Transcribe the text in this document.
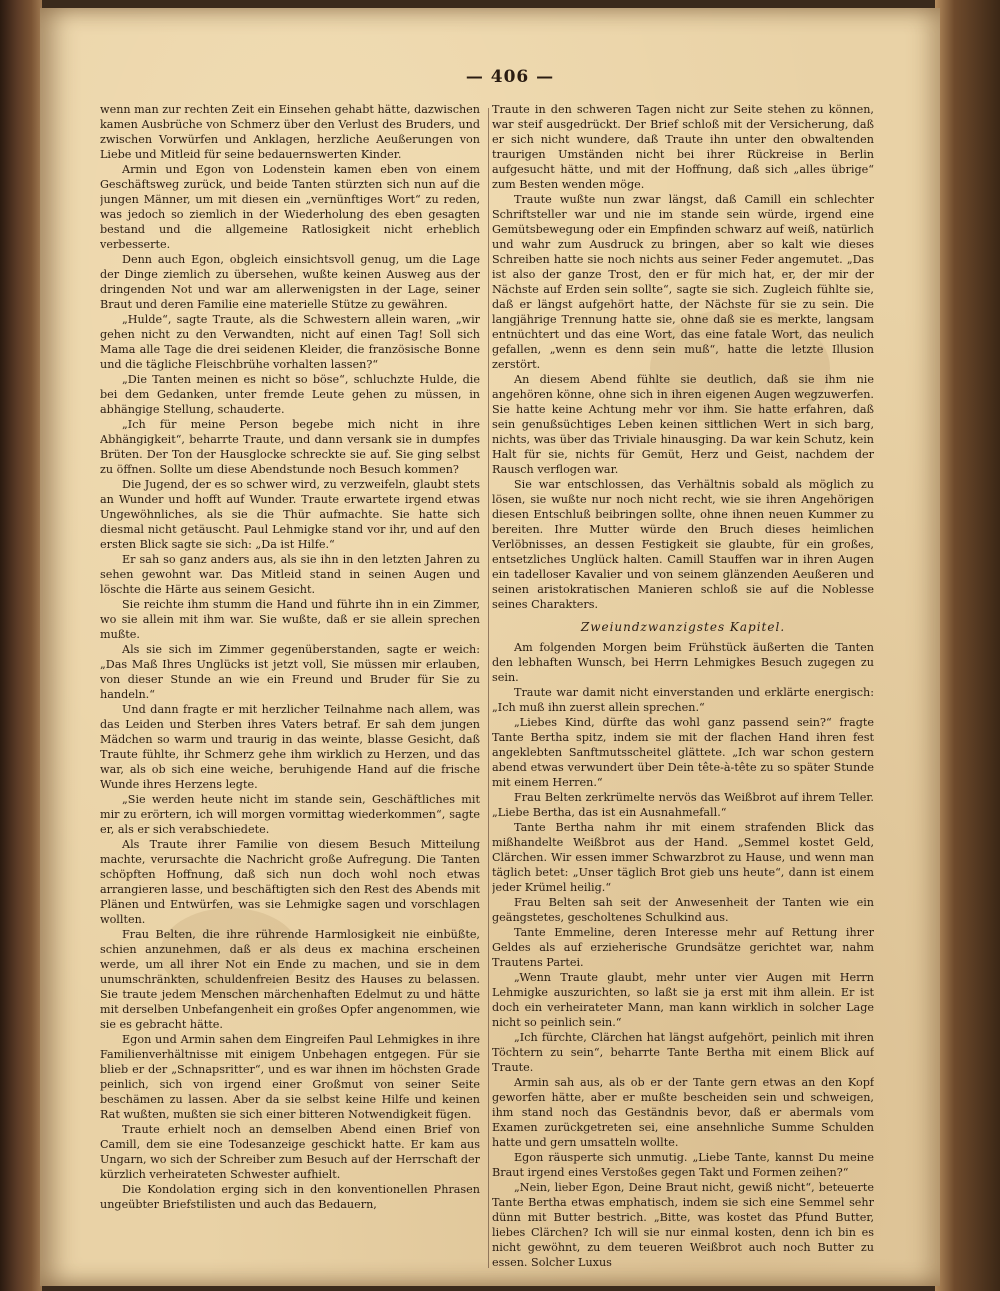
— 406 —

wenn man zur rechten Zeit ein Einsehen gehabt hätte, dazwischen kamen Ausbrüche von Schmerz über den Verlust des Bruders, und zwischen Vorwürfen und Anklagen, herzliche Aeußerungen von Liebe und Mitleid für seine bedauernswerten Kinder.

Armin und Egon von Lodenstein kamen eben von einem Geschäftsweg zurück, und beide Tanten stürzten sich nun auf die jungen Männer, um mit diesen ein „vernünftiges Wort“ zu reden, was jedoch so ziemlich in der Wiederholung des eben gesagten bestand und die allgemeine Ratlosigkeit nicht erheblich verbesserte.

Denn auch Egon, obgleich einsichtsvoll genug, um die Lage der Dinge ziemlich zu übersehen, wußte keinen Ausweg aus der dringenden Not und war am allerwenigsten in der Lage, seiner Braut und deren Familie eine materielle Stütze zu gewähren.

„Hulde“, sagte Traute, als die Schwestern allein waren, „wir gehen nicht zu den Verwandten, nicht auf einen Tag! Soll sich Mama alle Tage die drei seidenen Kleider, die französische Bonne und die tägliche Fleischbrühe vorhalten lassen?“

„Die Tanten meinen es nicht so böse“, schluchzte Hulde, die bei dem Gedanken, unter fremde Leute gehen zu müssen, in abhängige Stellung, schauderte.

„Ich für meine Person begebe mich nicht in ihre Abhängigkeit“, beharrte Traute, und dann versank sie in dumpfes Brüten. Der Ton der Hausglocke schreckte sie auf. Sie ging selbst zu öffnen. Sollte um diese Abendstunde noch Besuch kommen?

Die Jugend, der es so schwer wird, zu verzweifeln, glaubt stets an Wunder und hofft auf Wunder. Traute erwartete irgend etwas Ungewöhnliches, als sie die Thür aufmachte. Sie hatte sich diesmal nicht getäuscht. Paul Lehmigke stand vor ihr, und auf den ersten Blick sagte sie sich: „Da ist Hilfe.“

Er sah so ganz anders aus, als sie ihn in den letzten Jahren zu sehen gewohnt war. Das Mitleid stand in seinen Augen und löschte die Härte aus seinem Gesicht.

Sie reichte ihm stumm die Hand und führte ihn in ein Zimmer, wo sie allein mit ihm war. Sie wußte, daß er sie allein sprechen mußte.

Als sie sich im Zimmer gegenüberstanden, sagte er weich: „Das Maß Ihres Unglücks ist jetzt voll, Sie müssen mir erlauben, von dieser Stunde an wie ein Freund und Bruder für Sie zu handeln.“

Und dann fragte er mit herzlicher Teilnahme nach allem, was das Leiden und Sterben ihres Vaters betraf. Er sah dem jungen Mädchen so warm und traurig in das weinte, blasse Gesicht, daß Traute fühlte, ihr Schmerz gehe ihm wirklich zu Herzen, und das war, als ob sich eine weiche, beruhigende Hand auf die frische Wunde ihres Herzens legte.

„Sie werden heute nicht im stande sein, Geschäftliches mit mir zu erörtern, ich will morgen vormittag wiederkommen“, sagte er, als er sich verabschiedete.

Als Traute ihrer Familie von diesem Besuch Mitteilung machte, verursachte die Nachricht große Aufregung. Die Tanten schöpften Hoffnung, daß sich nun doch wohl noch etwas arrangieren lasse, und beschäftigten sich den Rest des Abends mit Plänen und Entwürfen, was sie Lehmigke sagen und vorschlagen wollten.

Frau Belten, die ihre rührende Harmlosigkeit nie einbüßte, schien anzunehmen, daß er als deus ex machina erscheinen werde, um all ihrer Not ein Ende zu machen, und sie in dem unumschränkten, schuldenfreien Besitz des Hauses zu belassen. Sie traute jedem Menschen märchenhaften Edelmut zu und hätte mit derselben Unbefangenheit ein großes Opfer angenommen, wie sie es gebracht hätte.

Egon und Armin sahen dem Eingreifen Paul Lehmigkes in ihre Familienverhältnisse mit einigem Unbehagen entgegen. Für sie blieb er der „Schnapsritter“, und es war ihnen im höchsten Grade peinlich, sich von irgend einer Großmut von seiner Seite beschämen zu lassen. Aber da sie selbst keine Hilfe und keinen Rat wußten, mußten sie sich einer bitteren Notwendigkeit fügen.

Traute erhielt noch an demselben Abend einen Brief von Camill, dem sie eine Todesanzeige geschickt hatte. Er kam aus Ungarn, wo sich der Schreiber zum Besuch auf der Herrschaft der kürzlich verheirateten Schwester aufhielt.

Die Kondolation erging sich in den konventionellen Phrasen ungeübter Briefstilisten und auch das Bedauern,

Traute in den schweren Tagen nicht zur Seite stehen zu können, war steif ausgedrückt. Der Brief schloß mit der Versicherung, daß er sich nicht wundere, daß Traute ihn unter den obwaltenden traurigen Umständen nicht bei ihrer Rückreise in Berlin aufgesucht hätte, und mit der Hoffnung, daß sich „alles übrige“ zum Besten wenden möge.

Traute wußte nun zwar längst, daß Camill ein schlechter Schriftsteller war und nie im stande sein würde, irgend eine Gemütsbewegung oder ein Empfinden schwarz auf weiß, natürlich und wahr zum Ausdruck zu bringen, aber so kalt wie dieses Schreiben hatte sie noch nichts aus seiner Feder angemutet. „Das ist also der ganze Trost, den er für mich hat, er, der mir der Nächste auf Erden sein sollte“, sagte sie sich. Zugleich fühlte sie, daß er längst aufgehört hatte, der Nächste für sie zu sein. Die langjährige Trennung hatte sie, ohne daß sie es merkte, langsam entnüchtert und das eine Wort, das eine fatale Wort, das neulich gefallen, „wenn es denn sein muß“, hatte die letzte Illusion zerstört.

An diesem Abend fühlte sie deutlich, daß sie ihm nie angehören könne, ohne sich in ihren eigenen Augen wegzuwerfen. Sie hatte keine Achtung mehr vor ihm. Sie hatte erfahren, daß sein genußsüchtiges Leben keinen sittlichen Wert in sich barg, nichts, was über das Triviale hinausging. Da war kein Schutz, kein Halt für sie, nichts für Gemüt, Herz und Geist, nachdem der Rausch verflogen war.

Sie war entschlossen, das Verhältnis sobald als möglich zu lösen, sie wußte nur noch nicht recht, wie sie ihren Angehörigen diesen Entschluß beibringen sollte, ohne ihnen neuen Kummer zu bereiten. Ihre Mutter würde den Bruch dieses heimlichen Verlöbnisses, an dessen Festigkeit sie glaubte, für ein großes, entsetzliches Unglück halten. Camill Stauffen war in ihren Augen ein tadelloser Kavalier und von seinem glänzenden Aeußeren und seinen aristokratischen Manieren schloß sie auf die Noblesse seines Charakters.

Zweiundzwanzigstes Kapitel.

Am folgenden Morgen beim Frühstück äußerten die Tanten den lebhaften Wunsch, bei Herrn Lehmigkes Besuch zugegen zu sein.

Traute war damit nicht einverstanden und erklärte energisch: „Ich muß ihn zuerst allein sprechen.“

„Liebes Kind, dürfte das wohl ganz passend sein?“ fragte Tante Bertha spitz, indem sie mit der flachen Hand ihren fest angeklebten Sanftmutsscheitel glättete. „Ich war schon gestern abend etwas verwundert über Dein tête-à-tête zu so später Stunde mit einem Herren.“

Frau Belten zerkrümelte nervös das Weißbrot auf ihrem Teller. „Liebe Bertha, das ist ein Ausnahmefall.“

Tante Bertha nahm ihr mit einem strafenden Blick das mißhandelte Weißbrot aus der Hand. „Semmel kostet Geld, Clärchen. Wir essen immer Schwarzbrot zu Hause, und wenn man täglich betet: „Unser täglich Brot gieb uns heute“, dann ist einem jeder Krümel heilig.“

Frau Belten sah seit der Anwesenheit der Tanten wie ein geängstetes, gescholtenes Schulkind aus.

Tante Emmeline, deren Interesse mehr auf Rettung ihrer Geldes als auf erzieherische Grundsätze gerichtet war, nahm Trautens Partei.

„Wenn Traute glaubt, mehr unter vier Augen mit Herrn Lehmigke auszurichten, so laßt sie ja erst mit ihm allein. Er ist doch ein verheirateter Mann, man kann wirklich in solcher Lage nicht so peinlich sein.“

„Ich fürchte, Clärchen hat längst aufgehört, peinlich mit ihren Töchtern zu sein“, beharrte Tante Bertha mit einem Blick auf Traute.

Armin sah aus, als ob er der Tante gern etwas an den Kopf geworfen hätte, aber er mußte bescheiden sein und schweigen, ihm stand noch das Geständnis bevor, daß er abermals vom Examen zurückgetreten sei, eine ansehnliche Summe Schulden hatte und gern umsatteln wollte.

Egon räusperte sich unmutig. „Liebe Tante, kannst Du meine Braut irgend eines Verstoßes gegen Takt und Formen zeihen?“

„Nein, lieber Egon, Deine Braut nicht, gewiß nicht“, beteuerte Tante Bertha etwas emphatisch, indem sie sich eine Semmel sehr dünn mit Butter bestrich. „Bitte, was kostet das Pfund Butter, liebes Clärchen? Ich will sie nur einmal kosten, denn ich bin es nicht gewöhnt, zu dem teueren Weißbrot auch noch Butter zu essen. Solcher Luxus
